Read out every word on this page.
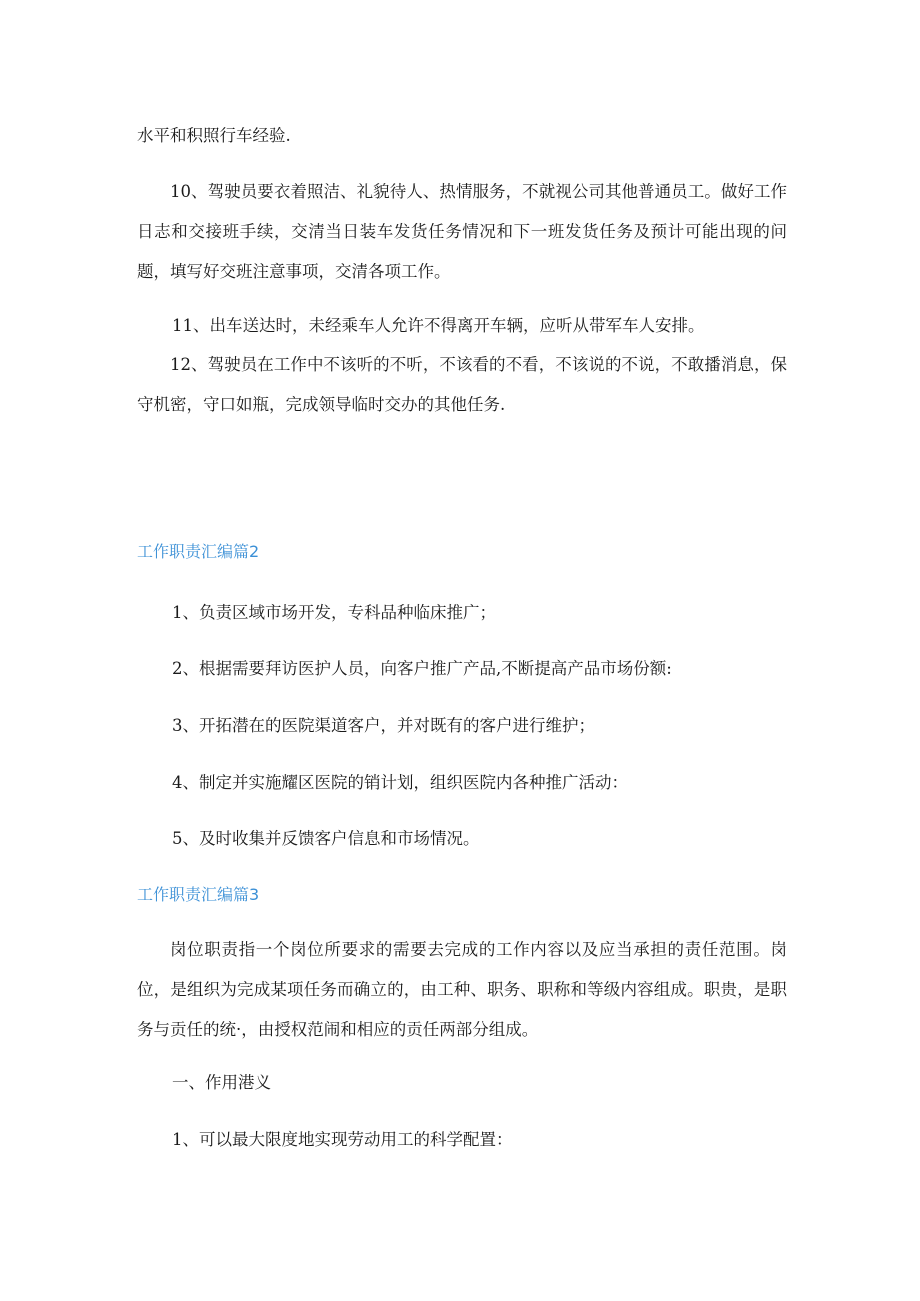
水平和积照行车经验.
10、驾驶员要衣着照洁、礼貌待人、热情服务，不就视公司其他普通员工。做好工作日志和交接班手续，交清当日装车发货任务情况和下一班发货任务及预计可能出现的问题，填写好交班注意事项，交清各项工作。
11、出车送达时，未经乘车人允许不得离开车辆，应听从带军车人安排。
12、驾驶员在工作中不该听的不听，不该看的不看，不该说的不说，不敢播消息，保守机密，守口如瓶，完成领导临时交办的其他任务.
工作职责汇编篇2
1、负责区域市场开发，专科品种临床推广；
2、根据需要拜访医护人员，向客户推广产品,不断提高产品市场份额:
3、开拓潜在的医院渠道客户，并对既有的客户进行维护；
4、制定并实施耀区医院的销计划，组织医院内各种推广活动：
5、及时收集并反馈客户信息和市场情况。
工作职责汇编篇3
岗位职责指一个岗位所要求的需要去完成的工作内容以及应当承担的责任范围。岗位，是组织为完成某项任务而确立的，由工种、职务、职称和等级内容组成。职贵，是职务与贡任的统·，由授权范闹和相应的贡任两部分组成。
一、作用港义
1、可以最大限度地实现劳动用工的科学配置：
